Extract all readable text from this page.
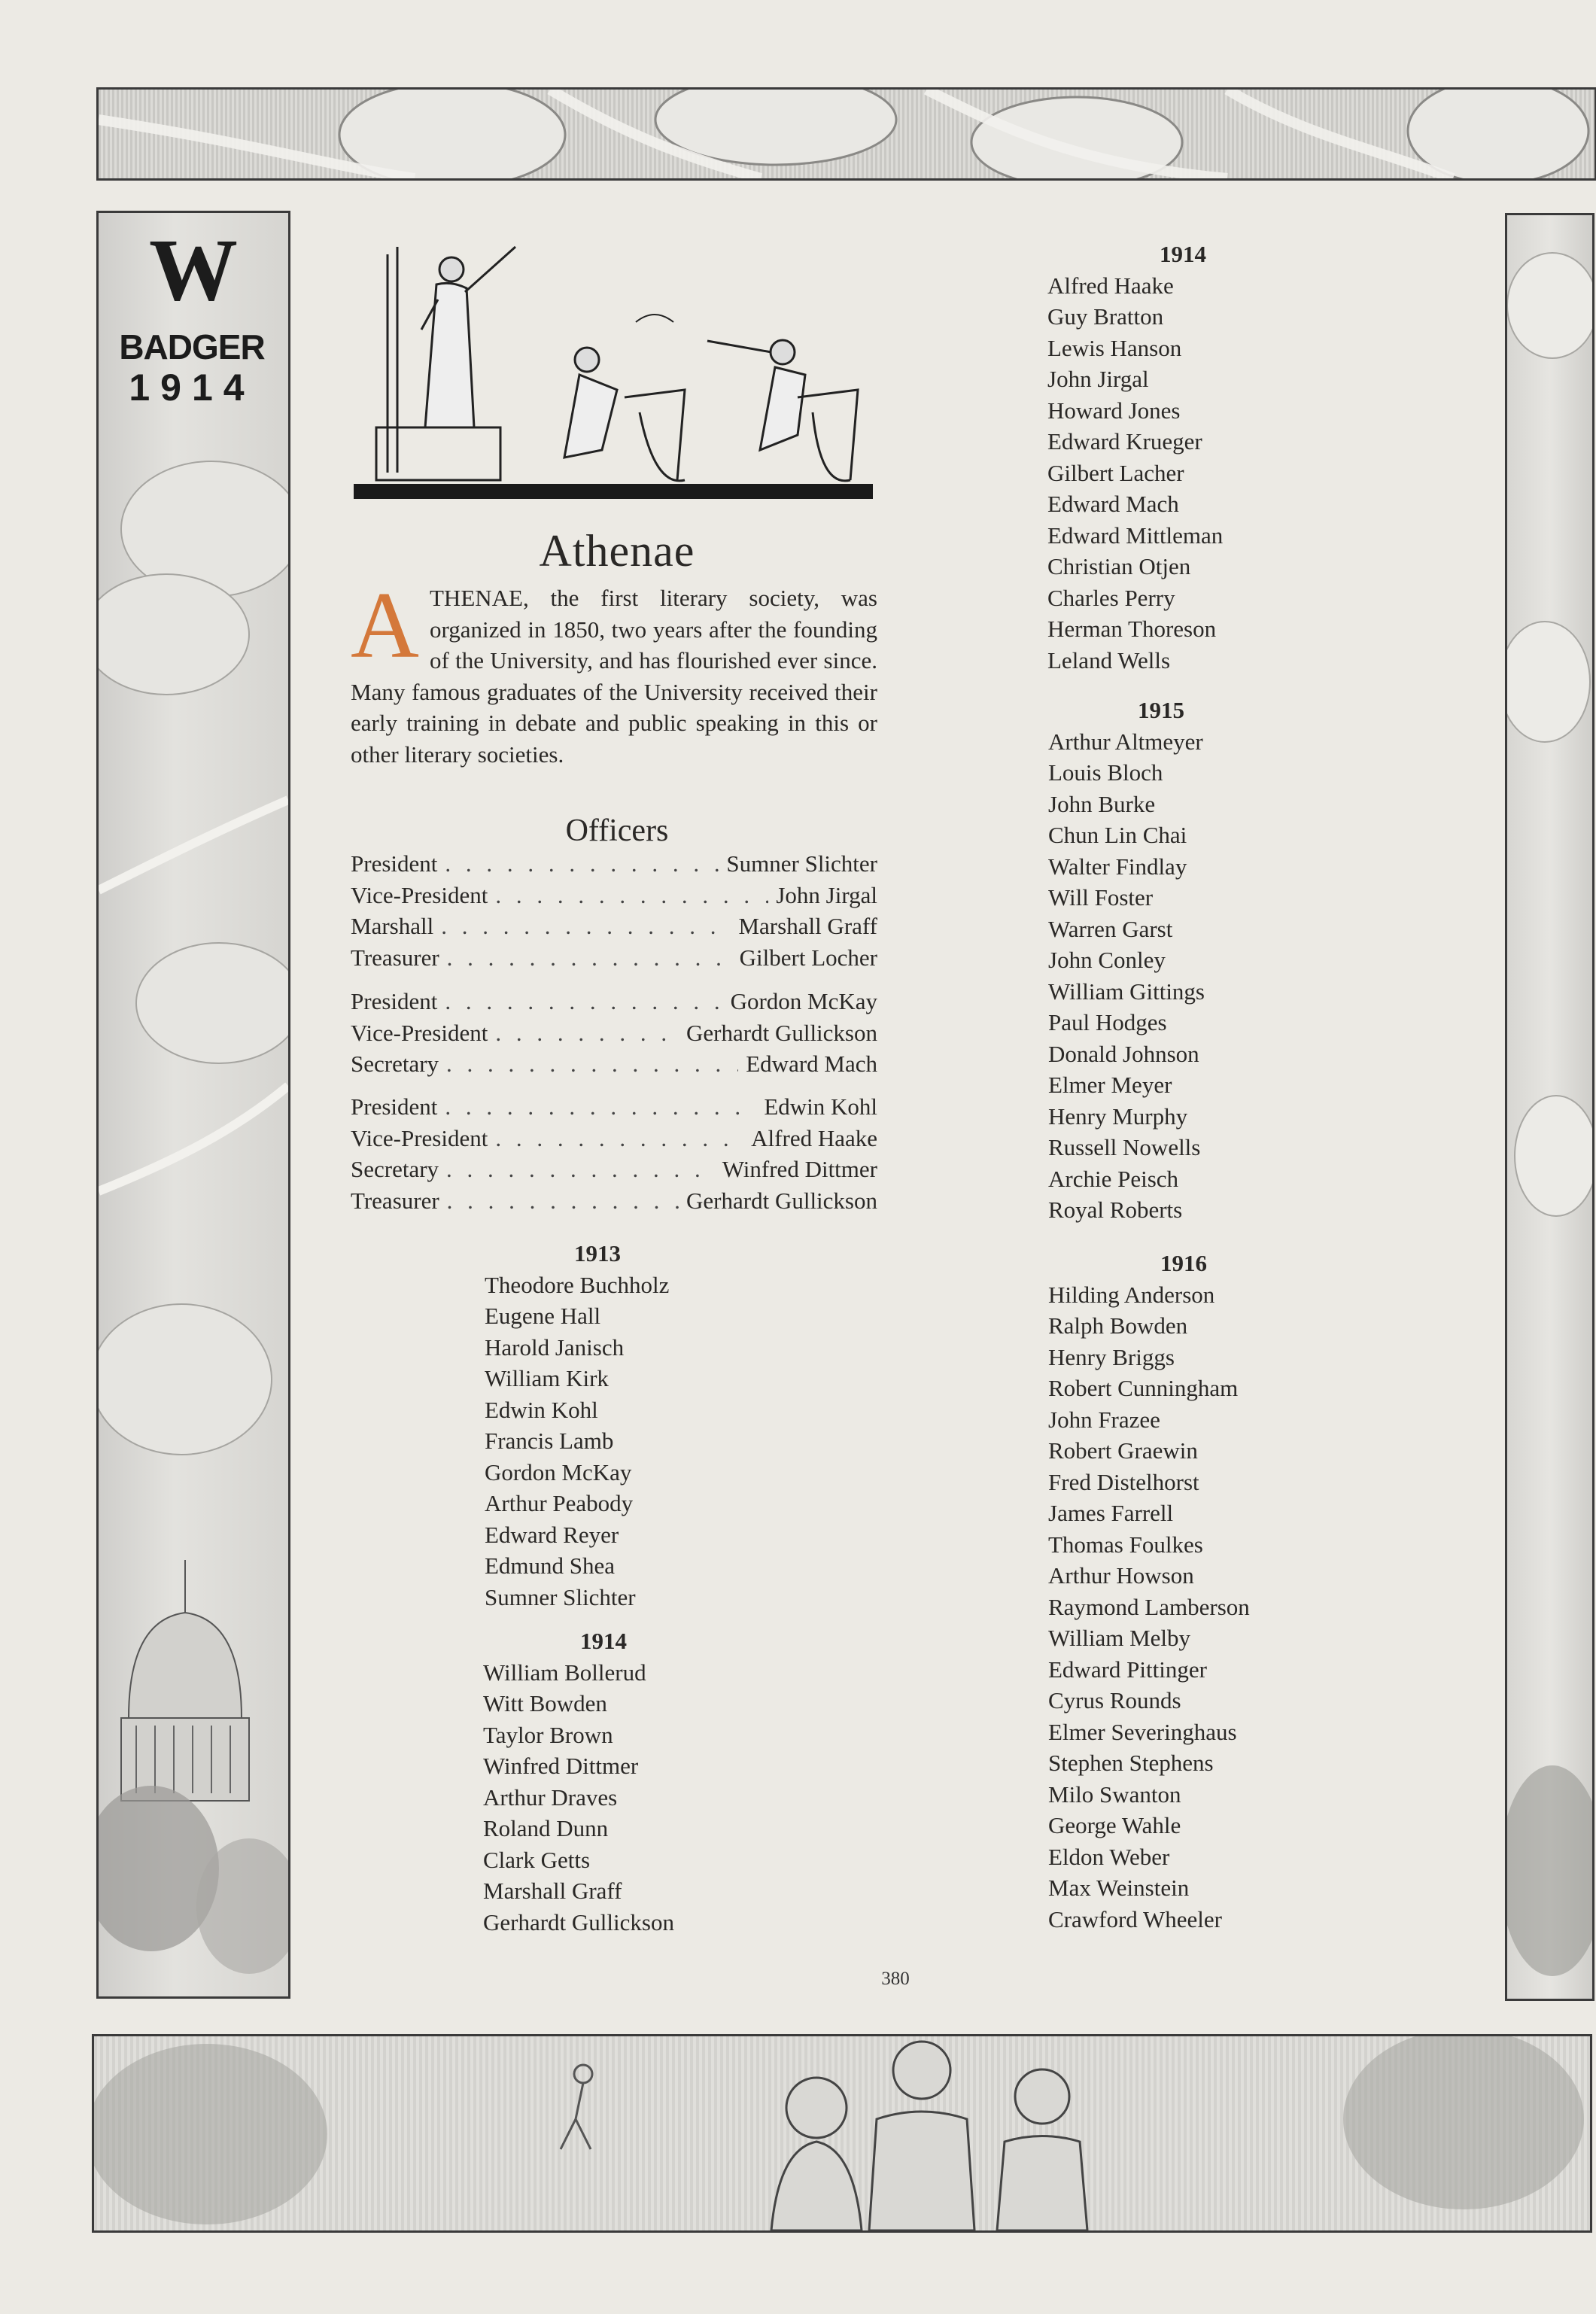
W
BADGER
1914
Athenae
A THENAE, the first literary society, was organized in 1850, two years after the founding of the University, and has flourished ever since. Many famous graduates of the University received their early training in debate and public speaking in this or other literary societies.
Officers
President . . .	Sumner Slichter
Vice-President . . .	John Jirgal
Marshall . . .	Marshall Graff
Treasurer . . .	Gilbert Locher
President . . .	Gordon McKay
Vice-President . . .	Gerhardt Gullickson
Secretary . . .	Edward Mach
President . . .	Edwin Kohl
Vice-President . . .	Alfred Haake
Secretary . . .	Winfred Dittmer
Treasurer . . .	Gerhardt Gullickson
1913
Theodore Buchholz
Eugene Hall
Harold Janisch
William Kirk
Edwin Kohl
Francis Lamb
Gordon McKay
Arthur Peabody
Edward Reyer
Edmund Shea
Sumner Slichter
1914
William Bollerud
Witt Bowden
Taylor Brown
Winfred Dittmer
Arthur Draves
Roland Dunn
Clark Getts
Marshall Graff
Gerhardt Gullickson
1914
Alfred Haake
Guy Bratton
Lewis Hanson
John Jirgal
Howard Jones
Edward Krueger
Gilbert Lacher
Edward Mach
Edward Mittleman
Christian Otjen
Charles Perry
Herman Thoreson
Leland Wells
1915
Arthur Altmeyer
Louis Bloch
John Burke
Chun Lin Chai
Walter Findlay
Will Foster
Warren Garst
John Conley
William Gittings
Paul Hodges
Donald Johnson
Elmer Meyer
Henry Murphy
Russell Nowells
Archie Peisch
Royal Roberts
1916
Hilding Anderson
Ralph Bowden
Henry Briggs
Robert Cunningham
John Frazee
Robert Graewin
Fred Distelhorst
James Farrell
Thomas Foulkes
Arthur Howson
Raymond Lamberson
William Melby
Edward Pittinger
Cyrus Rounds
Elmer Severinghaus
Stephen Stephens
Milo Swanton
George Wahle
Eldon Weber
Max Weinstein
Crawford Wheeler
380
